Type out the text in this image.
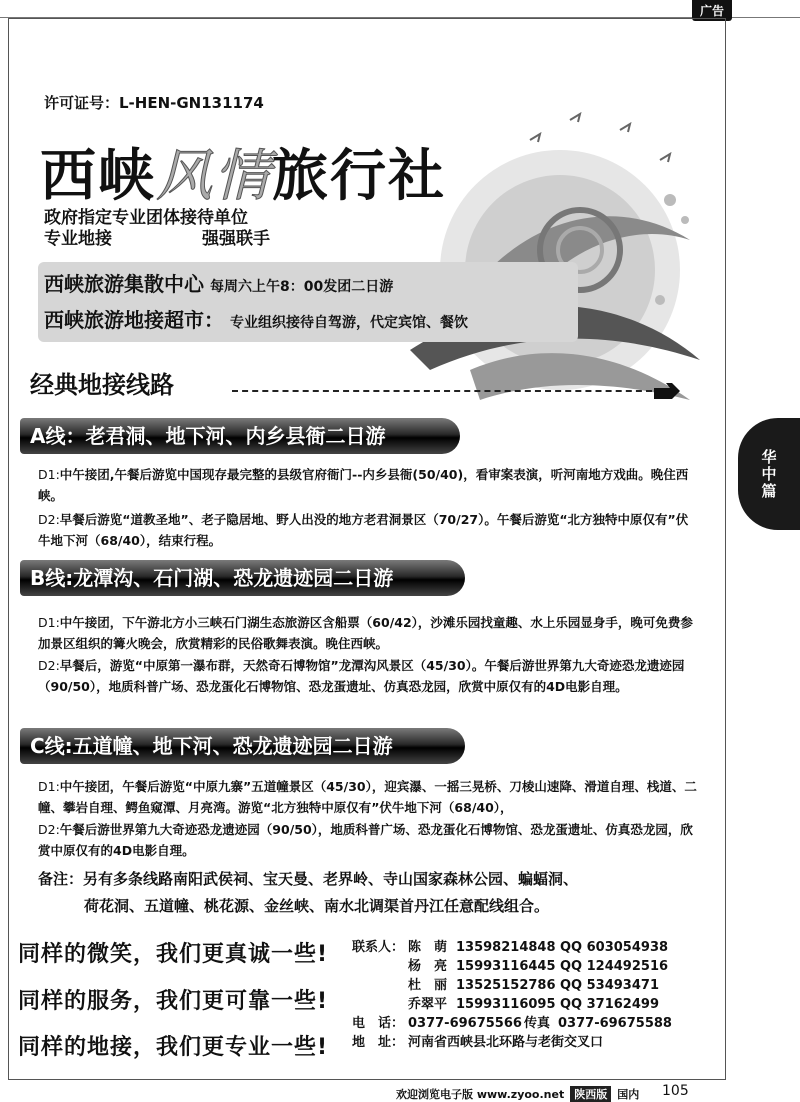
广告
华中篇
许可证号：L-HEN-GN131174
西峡风情旅行社
政府指定专业团体接待单位
专业地接	强强联手
西峡旅游集散中心 每周六上午8：00发团二日游
西峡旅游地接超市： 专业组织接待自驾游，代定宾馆、餐饮
经典地接线路
A线：老君洞、地下河、内乡县衙二日游
D1:中午接团,午餐后游览中国现存最完整的县级官府衙门--内乡县衙(50/40)，看审案表演，听河南地方戏曲。晚住西峡。
D2:早餐后游览“道教圣地”、老子隐居地、野人出没的地方老君洞景区（70/27）。午餐后游览“北方独特中原仅有”伏牛地下河（68/40），结束行程。
B线:龙潭沟、石门湖、恐龙遗迹园二日游
D1:中午接团，下午游北方小三峡石门湖生态旅游区含船票（60/42），沙滩乐园找童趣、水上乐园显身手，晚可免费参加景区组织的篝火晚会，欣赏精彩的民俗歌舞表演。晚住西峡。
D2:早餐后，游览“中原第一瀑布群，天然奇石博物馆”龙潭沟风景区（45/30）。午餐后游世界第九大奇迹恐龙遗迹园（90/50），地质科普广场、恐龙蛋化石博物馆、恐龙蛋遗址、仿真恐龙园，欣赏中原仅有的4D电影自理。
C线:五道幢、地下河、恐龙遗迹园二日游
D1:中午接团，午餐后游览“中原九寨”五道幢景区（45/30），迎宾瀑、一摇三晃桥、刀棱山速降、滑道自理、栈道、二幢、攀岩自理、鳄鱼窥潭、月亮湾。游览“北方独特中原仅有”伏牛地下河（68/40），
D2:午餐后游世界第九大奇迹恐龙遗迹园（90/50），地质科普广场、恐龙蛋化石博物馆、恐龙蛋遗址、仿真恐龙园，欣赏中原仅有的4D电影自理。
备注：另有多条线路南阳武侯祠、宝天曼、老界岭、寺山国家森林公园、蝙蝠洞、
荷花洞、五道幢、桃花源、金丝峡、南水北调渠首丹江任意配线组合。
同样的微笑，我们更真诚一些!
同样的服务，我们更可靠一些!
同样的地接，我们更专业一些!
联系人： 陈　萌 13598214848 QQ 603054938
杨　亮 15993116445 QQ 124492516
杜　丽 13525152786 QQ 53493471
乔翠平 15993116095 QQ 37162499
电　话： 0377-69675566 传真 0377-69675588
地　址： 河南省西峡县北环路与老街交叉口
欢迎浏览电子版 www.zyoo.net 陕西版 国内 105
